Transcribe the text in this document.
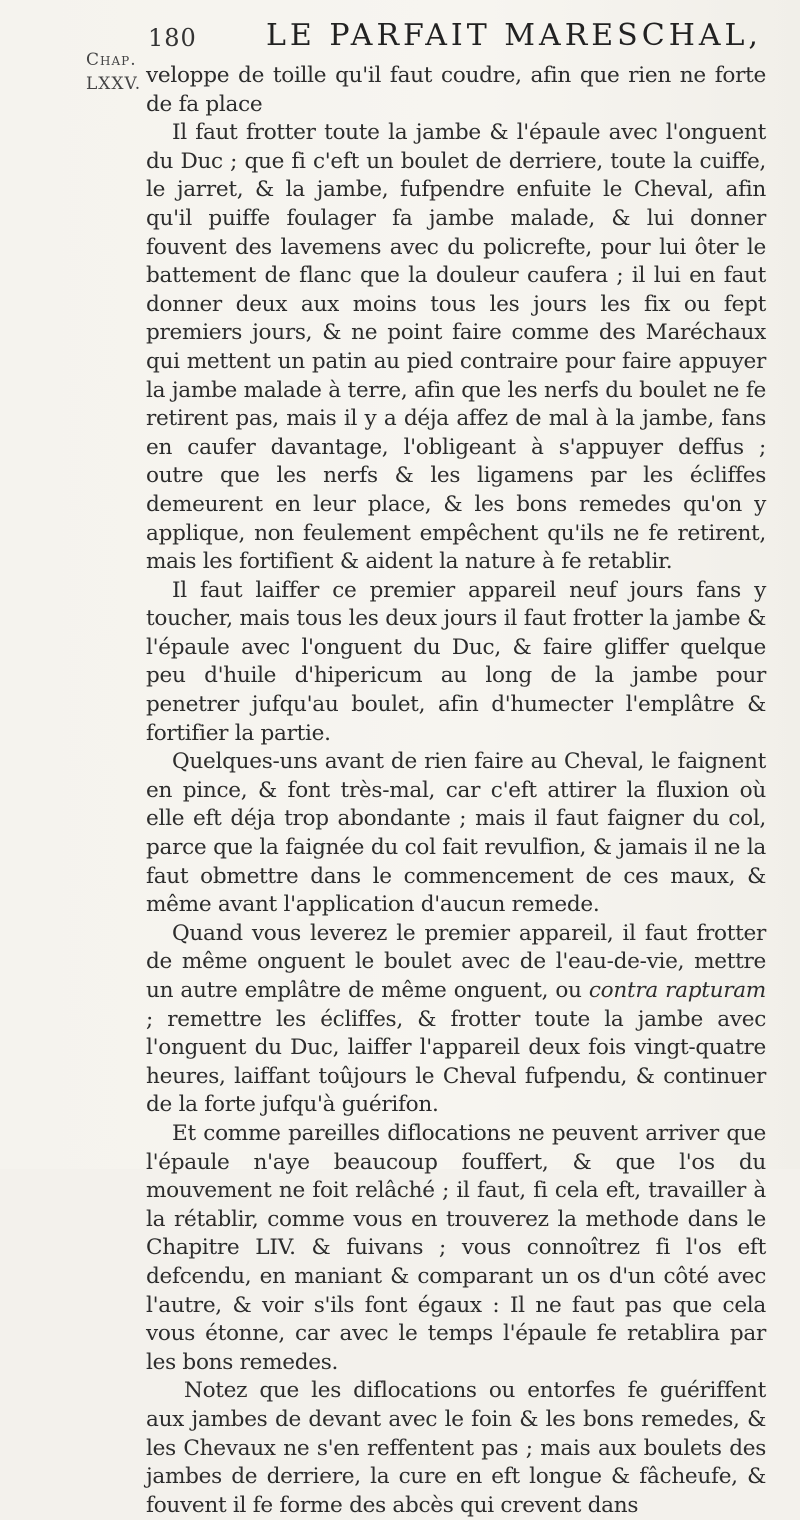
180 LE PARFAIT MARESCHAL,
Chap.
LXXV. veloppe de toille qu'il faut coudre, afin que rien ne forte de fa place

Il faut frotter toute la jambe & l'épaule avec l'onguent du Duc ; que fi c'eft un boulet de derriere, toute la cuiffe, le jarret, & la jambe, fufpendre enfuite le Cheval, afin qu'il puiffe foulager fa jambe malade, & lui donner fouvent des lavemens avec du policrefte, pour lui ôter le battement de flanc que la douleur caufera ; il lui en faut donner deux aux moins tous les jours les fix ou fept premiers jours, & ne point faire comme des Maréchaux qui mettent un patin au pied contraire pour faire appuyer la jambe malade à terre, afin que les nerfs du boulet ne fe retirent pas, mais il y a déja affez de mal à la jambe, fans en caufer davantage, l'obligeant à s'appuyer deffus ; outre que les nerfs & les ligamens par les écliffes demeurent en leur place, & les bons remedes qu'on y applique, non feulement empêchent qu'ils ne fe retirent, mais les fortifient & aident la nature à fe retablir.

Il faut laiffer ce premier appareil neuf jours fans y toucher, mais tous les deux jours il faut frotter la jambe & l'épaule avec l'onguent du Duc, & faire gliffer quelque peu d'huile d'hipericum au long de la jambe pour penetrer jufqu'au boulet, afin d'humecter l'emplâtre & fortifier la partie.

Quelques-uns avant de rien faire au Cheval, le faignent en pince, & font très-mal, car c'eft attirer la fluxion où elle eft déja trop abondante ; mais il faut faigner du col, parce que la faignée du col fait revulfion, & jamais il ne la faut obmettre dans le commencement de ces maux, & même avant l'application d'aucun remede.

Quand vous leverez le premier appareil, il faut frotter de même onguent le boulet avec de l'eau-de-vie, mettre un autre emplâtre de même onguent, ou contra rapturam ; remettre les écliffes, & frotter toute la jambe avec l'onguent du Duc, laiffer l'appareil deux fois vingt-quatre heures, laiffant toûjours le Cheval fufpendu, & continuer de la forte jufqu'à guérifon.

Et comme pareilles diflocations ne peuvent arriver que l'épaule n'aye beaucoup fouffert, & que l'os du mouvement ne foit relâché ; il faut, fi cela eft, travailler à la rétablir, comme vous en trouverez la methode dans le Chapitre LIV. & fuivans ; vous connoîtrez fi l'os eft defcendu, en maniant & comparant un os d'un côté avec l'autre, & voir s'ils font égaux : Il ne faut pas que cela vous étonne, car avec le temps l'épaule fe retablira par les bons remedes.

Notez que les diflocations ou entorfes fe guériffent aux jambes de devant avec le foin & les bons remedes, & les Chevaux ne s'en reffentent pas ; mais aux boulets des jambes de derriere, la cure en eft longue & fâcheufe, & fouvent il fe forme des abcès qui crevent dans
